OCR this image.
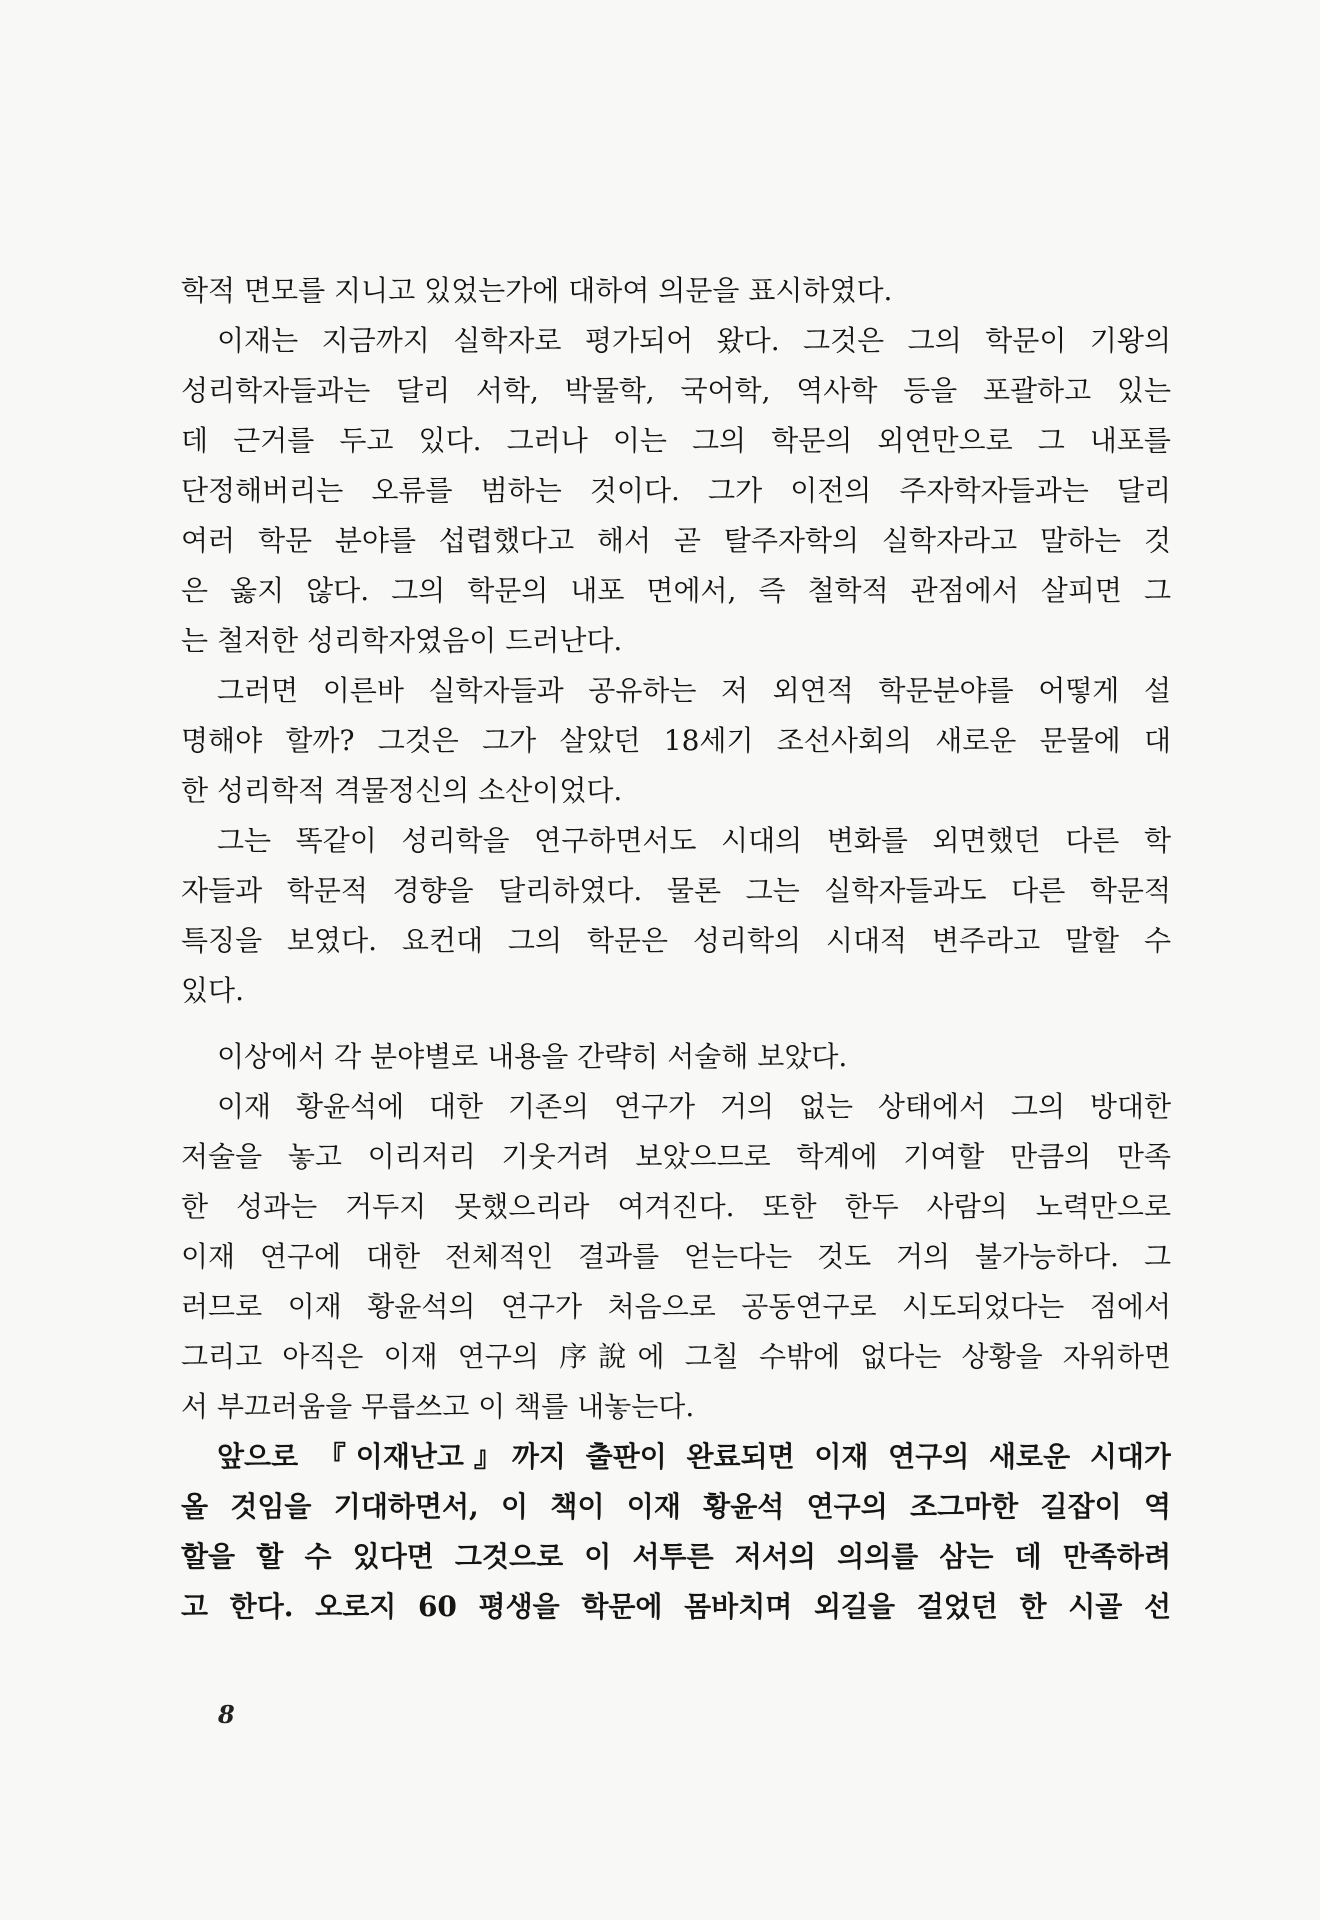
학적 면모를 지니고 있었는가에 대하여 의문을 표시하였다.
이재는 지금까지 실학자로 평가되어 왔다. 그것은 그의 학문이 기왕의
성리학자들과는 달리 서학, 박물학, 국어학, 역사학 등을 포괄하고 있는
데 근거를 두고 있다. 그러나 이는 그의 학문의 외연만으로 그 내포를
단정해버리는 오류를 범하는 것이다. 그가 이전의 주자학자들과는 달리
여러 학문 분야를 섭렵했다고 해서 곧 탈주자학의 실학자라고 말하는 것
은 옳지 않다. 그의 학문의 내포 면에서, 즉 철학적 관점에서 살피면 그
는 철저한 성리학자였음이 드러난다.
그러면 이른바 실학자들과 공유하는 저 외연적 학문분야를 어떻게 설
명해야 할까? 그것은 그가 살았던 18세기 조선사회의 새로운 문물에 대
한 성리학적 격물정신의 소산이었다.
그는 똑같이 성리학을 연구하면서도 시대의 변화를 외면했던 다른 학
자들과 학문적 경향을 달리하였다. 물론 그는 실학자들과도 다른 학문적
특징을 보였다. 요컨대 그의 학문은 성리학의 시대적 변주라고 말할 수
있다.
이상에서 각 분야별로 내용을 간략히 서술해 보았다.
이재 황윤석에 대한 기존의 연구가 거의 없는 상태에서 그의 방대한
저술을 놓고 이리저리 기웃거려 보았으므로 학계에 기여할 만큼의 만족
한 성과는 거두지 못했으리라 여겨진다. 또한 한두 사람의 노력만으로
이재 연구에 대한 전체적인 결과를 얻는다는 것도 거의 불가능하다. 그
러므로 이재 황윤석의 연구가 처음으로 공동연구로 시도되었다는 점에서
그리고 아직은 이재 연구의 序說에 그칠 수밖에 없다는 상황을 자위하면
서 부끄러움을 무릅쓰고 이 책를 내놓는다.
앞으로 『이재난고』까지 출판이 완료되면 이재 연구의 새로운 시대가
올 것임을 기대하면서, 이 책이 이재 황윤석 연구의 조그마한 길잡이 역
할을 할 수 있다면 그것으로 이 서투른 저서의 의의를 삼는 데 만족하려
고 한다. 오로지 60 평생을 학문에 몸바치며 외길을 걸었던 한 시골 선
8
